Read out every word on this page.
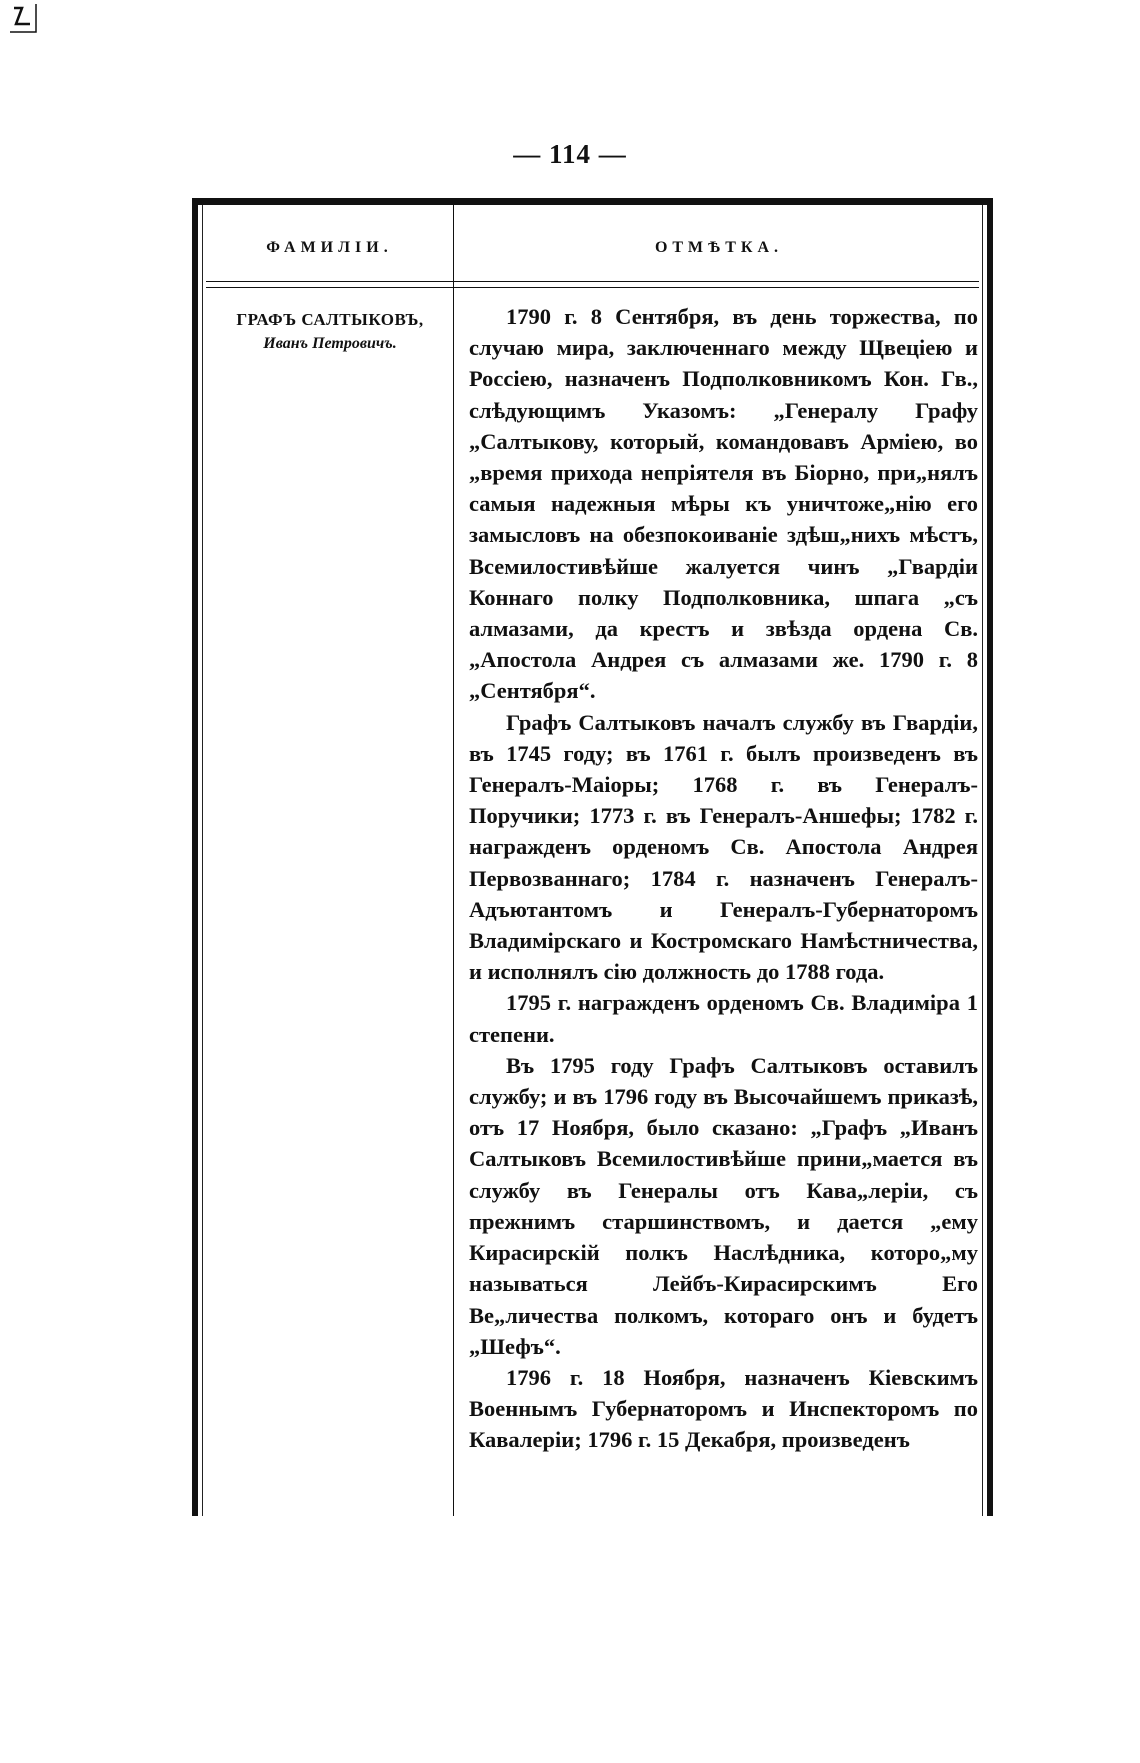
— 114 —
ФАМИЛІИ.	ОТМѢТКА.
ГРАФЪ САЛТЫКОВЪ,
Иванъ Петровичъ.

1790 г. 8 Сентября, въ день торжества, по случаю мира, заключеннаго между Щвеціею и Россіею, назначенъ Подполковникомъ Кон. Гв., слѣдующимъ Указомъ: „Генералу Графу „Салтыкову, который, командовавъ Арміею, во „время прихода непріятеля въ Біорно, при„нялъ самыя надежныя мѣры къ уничтоже„нію его замысловъ на обезпокоиваніе здѣш„нихъ мѣстъ, Всемилостивѣйше жалуется чинъ „Гвардіи Коннаго полку Подполковника, шпага „съ алмазами, да крестъ и звѣзда ордена Св. „Апостола Андрея съ алмазами же. 1790 г. 8 „Сентября“.

Графъ Салтыковъ началъ службу въ Гвардіи, въ 1745 году; въ 1761 г. былъ произведенъ въ Генералъ-Маіоры; 1768 г. въ Генералъ-Поручики; 1773 г. въ Генералъ-Аншефы; 1782 г. награжденъ орденомъ Св. Апостола Андрея Первозваннаго; 1784 г. назначенъ Генералъ-Адъютантомъ и Генералъ-Губернаторомъ Владимірскаго и Костромскаго Намѣстничества, и исполнялъ сію должность до 1788 года.

1795 г. награжденъ орденомъ Св. Владиміра 1 степени.

Въ 1795 году Графъ Салтыковъ оставилъ службу; и въ 1796 году въ Высочайшемъ приказѣ, отъ 17 Ноября, было сказано: „Графъ „Иванъ Салтыковъ Всемилостивѣйше прини„мается въ службу въ Генералы отъ Кава„леріи, съ прежнимъ старшинствомъ, и дается „ему Кирасирскій полкъ Наслѣдника, которо„му называться Лейбъ-Кирасирскимъ Его Ве„личества полкомъ, котораго онъ и будетъ „Шефъ“.

1796 г. 18 Ноября, назначенъ Кіевскимъ Военнымъ Губернаторомъ и Инспекторомъ по Кавалеріи; 1796 г. 15 Декабря, произведенъ
